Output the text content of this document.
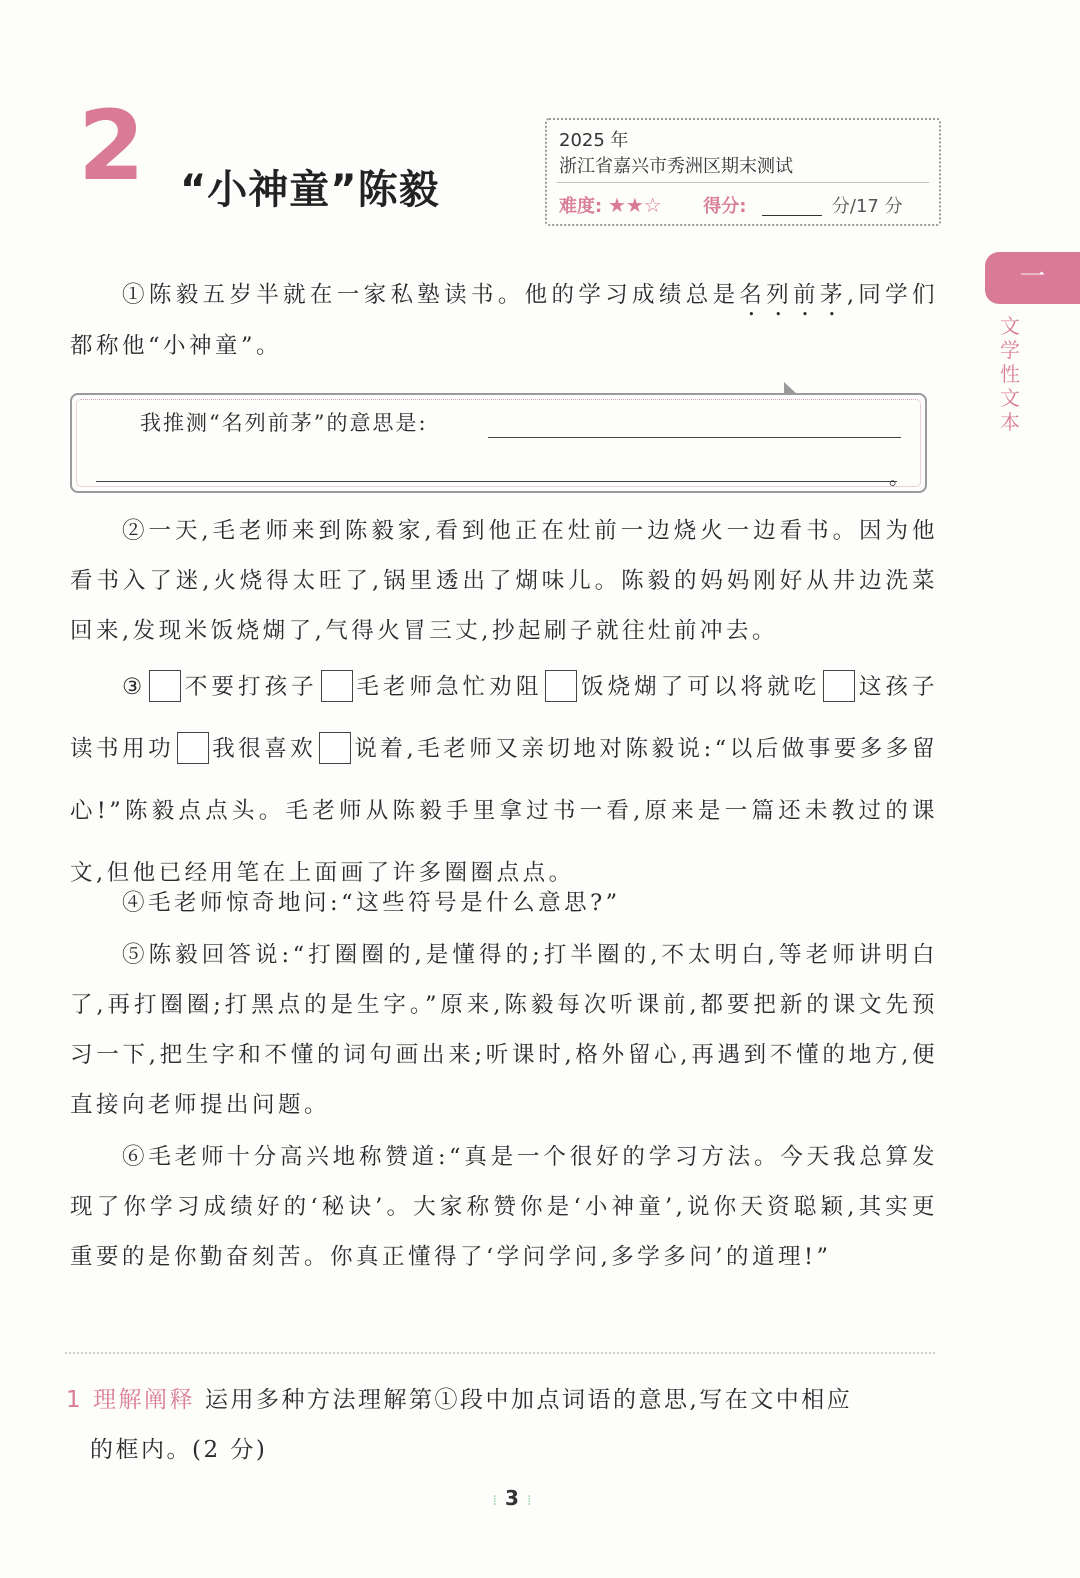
2 “小神童”陈毅
2025 年
浙江省嘉兴市秀洲区期末测试
难度: ★★☆ 得分:	分/17 分
一
文学性文本
①陈毅五岁半就在一家私塾读书。他的学习成绩总是名列前茅,同学们都称他“小神童”。
我推测“名列前茅”的意思是:
。
②一天,毛老师来到陈毅家,看到他正在灶前一边烧火一边看书。因为他看书入了迷,火烧得太旺了,锅里透出了煳味儿。陈毅的妈妈刚好从井边洗菜回来,发现米饭烧煳了,气得火冒三丈,抄起刷子就往灶前冲去。
③ 不要打孩子 毛老师急忙劝阻 饭烧煳了可以将就吃 这孩子读书用功 我很喜欢 说着,毛老师又亲切地对陈毅说:“以后做事要多多留心!”陈毅点点头。毛老师从陈毅手里拿过书一看,原来是一篇还未教过的课文,但他已经用笔在上面画了许多圈圈点点。
④毛老师惊奇地问:“这些符号是什么意思?”
⑤陈毅回答说:“打圈圈的,是懂得的;打半圈的,不太明白,等老师讲明白了,再打圈圈;打黑点的是生字。”原来,陈毅每次听课前,都要把新的课文先预习一下,把生字和不懂的词句画出来;听课时,格外留心,再遇到不懂的地方,便直接向老师提出问题。
⑥毛老师十分高兴地称赞道:“真是一个很好的学习方法。今天我总算发现了你学习成绩好的‘秘诀’。大家称赞你是‘小神童’,说你天资聪颖,其实更重要的是你勤奋刻苦。你真正懂得了‘学问学问,多学多问’的道理!”
1 理解阐释 运用多种方法理解第①段中加点词语的意思,写在文中相应
的框内。(2 分)
⁞ 3 ⁞
